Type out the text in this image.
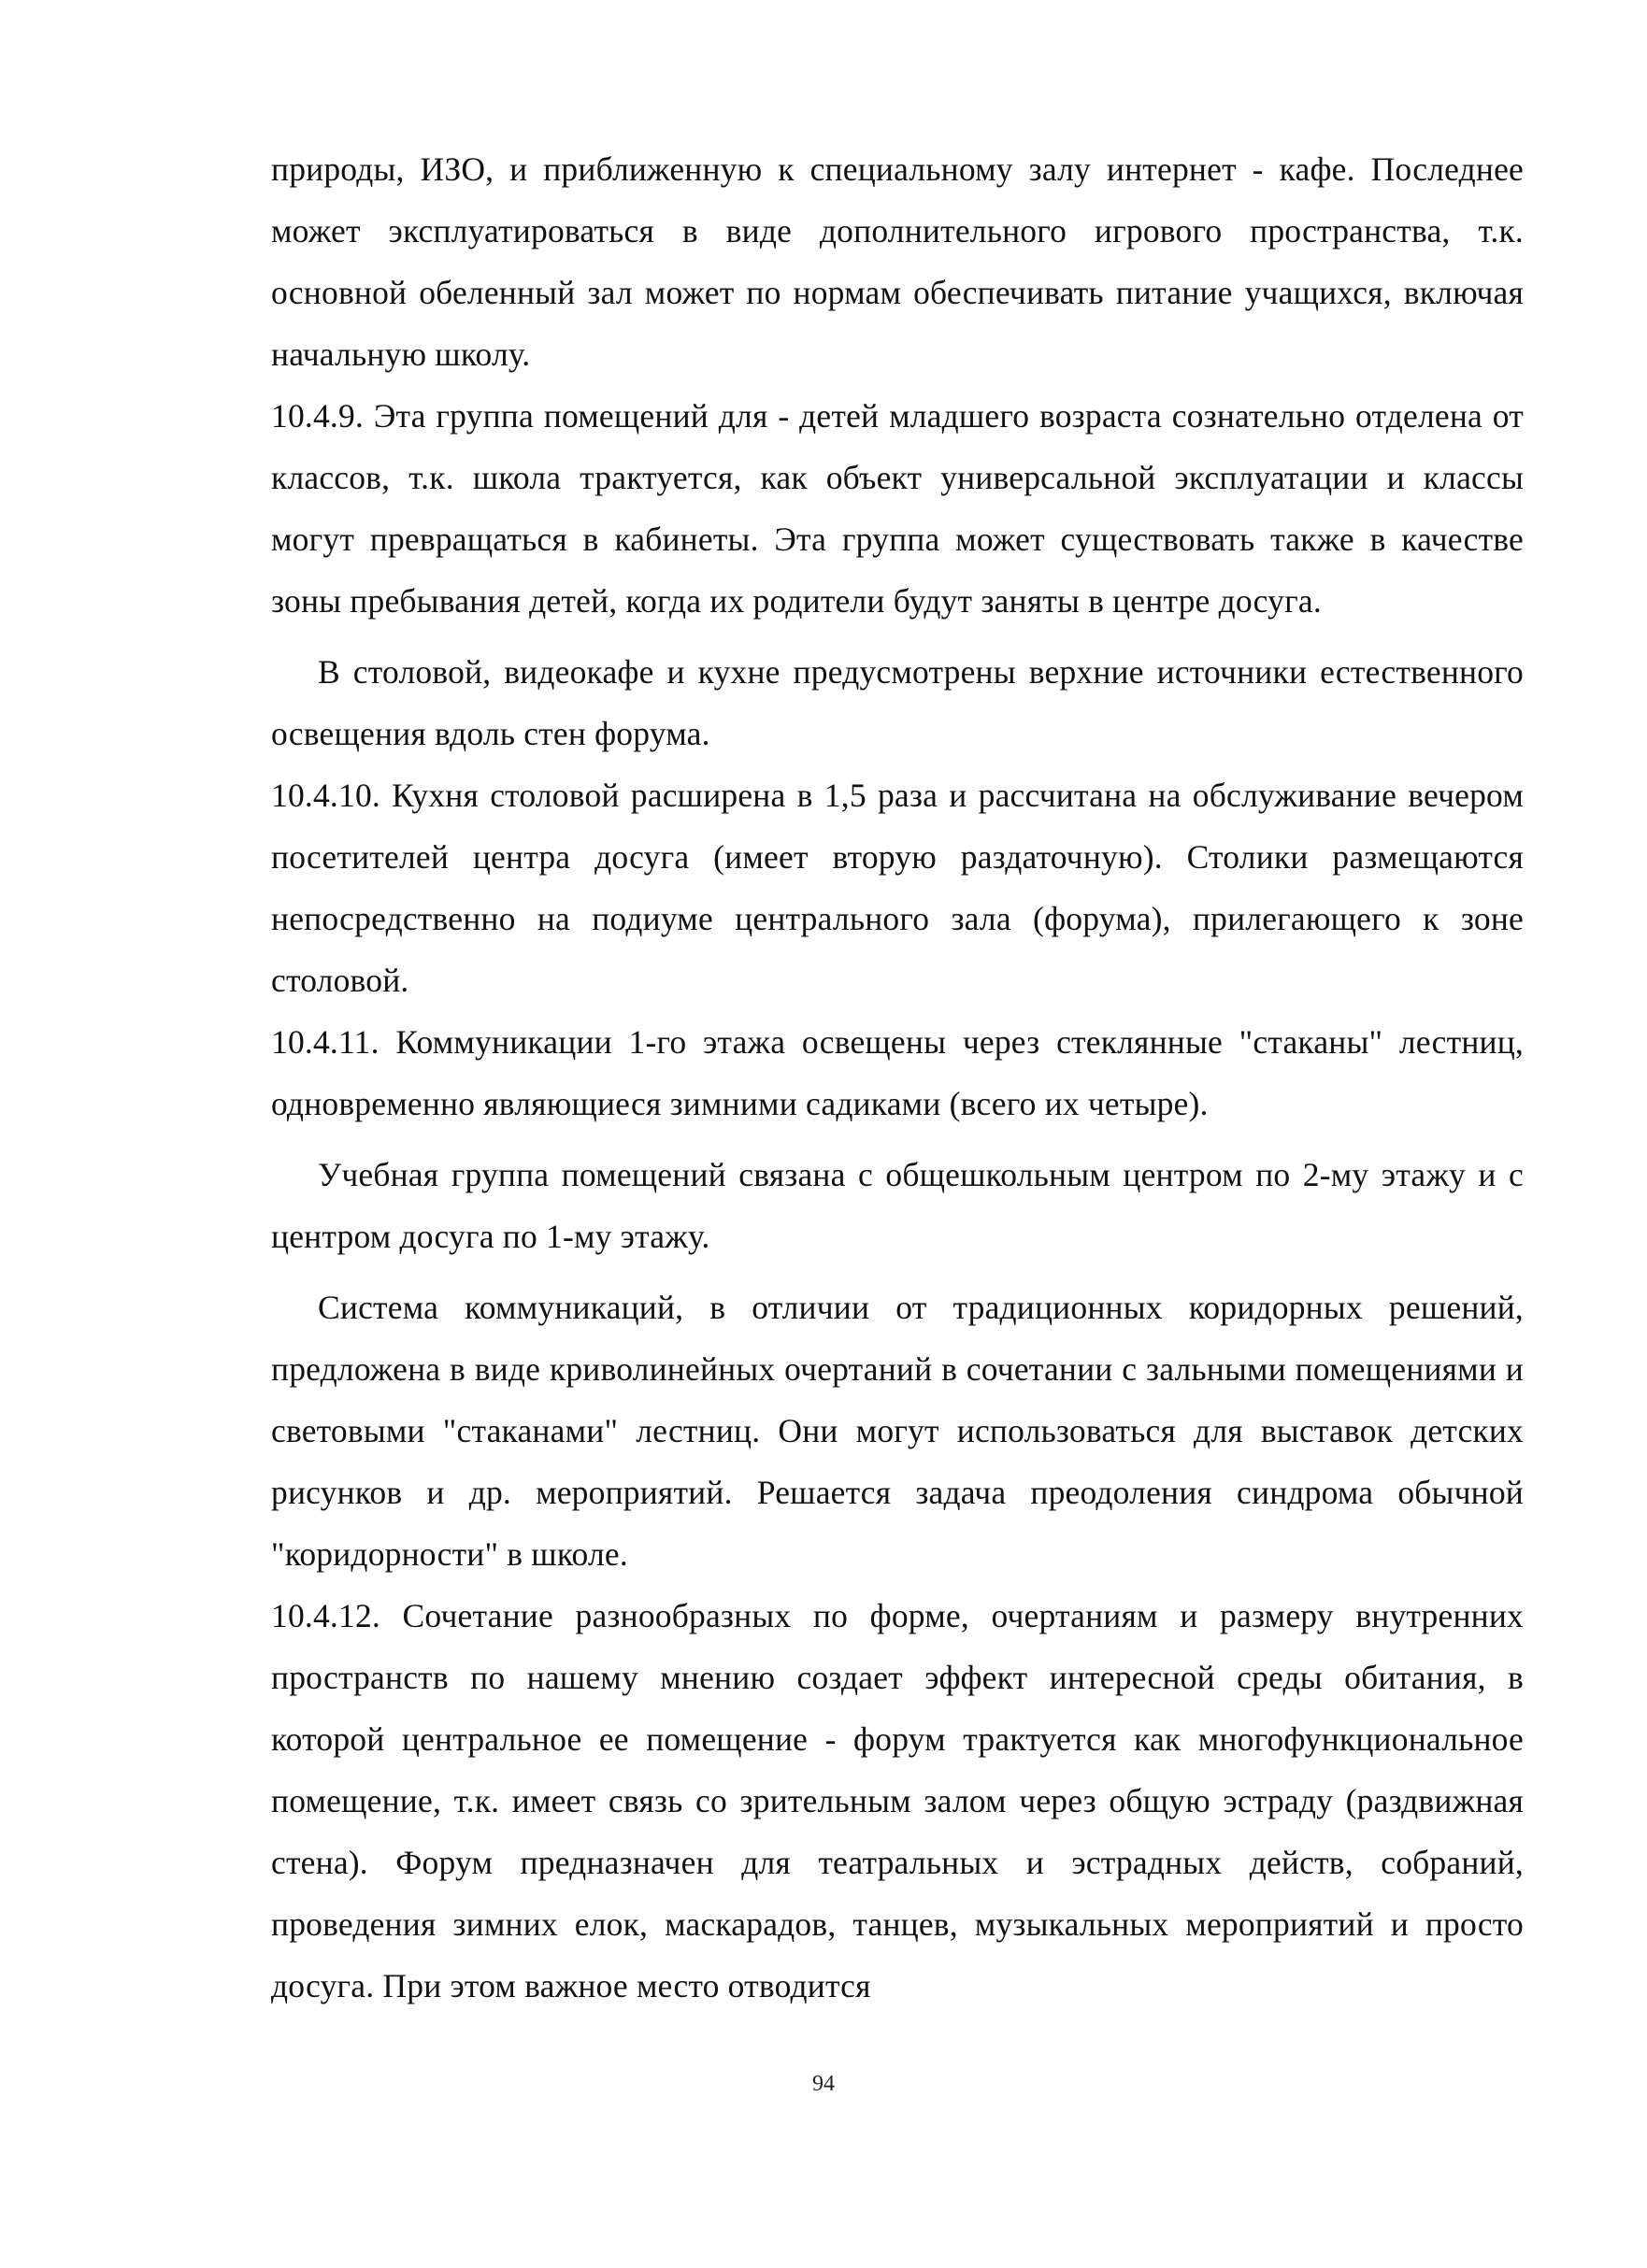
природы, ИЗО, и приближенную к специальному залу интернет - кафе. Последнее может эксплуатироваться в виде дополнительного игрового пространства, т.к. основной обеленный зал может по нормам обеспечивать питание учащихся, включая начальную школу.

10.4.9. Эта группа помещений для - детей младшего возраста сознательно отделена от классов, т.к. школа трактуется, как объект универсальной эксплуатации и классы могут превращаться в кабинеты. Эта группа может существовать также в качестве зоны пребывания детей, когда их родители будут заняты в центре досуга.

В столовой, видеокафе и кухне предусмотрены верхние источники естественного освещения вдоль стен форума.

10.4.10. Кухня столовой расширена в 1,5 раза и рассчитана на обслуживание вечером посетителей центра досуга (имеет вторую раздаточную). Столики размещаются непосредственно на подиуме центрального зала (форума), прилегающего к зоне столовой.

10.4.11. Коммуникации 1-го этажа освещены через стеклянные "стаканы" лестниц, одновременно являющиеся зимними садиками (всего их четыре).

Учебная группа помещений связана с общешкольным центром по 2-му этажу и с центром досуга по 1-му этажу.

Система коммуникаций, в отличии от традиционных коридорных решений, предложена в виде криволинейных очертаний в сочетании с зальными помещениями и световыми "стаканами" лестниц. Они могут использоваться для выставок детских рисунков и др. мероприятий. Решается задача преодоления синдрома обычной "коридорности" в школе.

10.4.12. Сочетание разнообразных по форме, очертаниям и размеру внутренних пространств по нашему мнению создает эффект интересной среды обитания, в которой центральное ее помещение - форум трактуется как многофункциональное помещение, т.к. имеет связь со зрительным залом через общую эстраду (раздвижная стена). Форум предназначен для театральных и эстрадных действ, собраний, проведения зимних елок, маскарадов, танцев, музыкальных мероприятий и просто досуга. При этом важное место отводится

94
